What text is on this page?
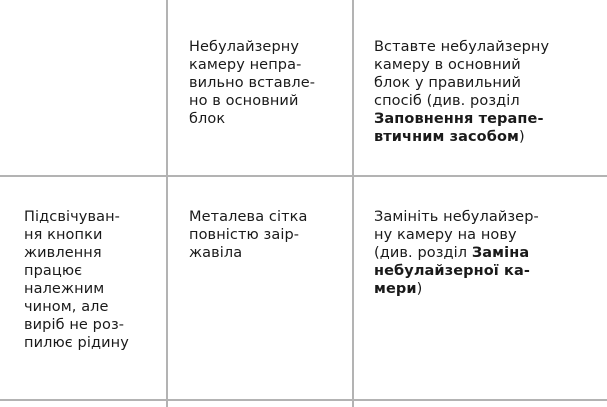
Небулайзерну
камеру непра-
вильно вставле-
но в основний
блок

Вставте небулайзерну
камеру в основний
блок у правильний
спосіб (див. розділ
Заповнення терапе-
втичним засобом)

Підсвічуван-
ня кнопки
живлення
працює
належним
чином, але
виріб не роз-
пилює рідину

Металева сітка
повністю заір-
жавіла

Замініть небулайзер-
ну камеру на нову
(див. розділ Заміна
небулайзерної ка-
мери)
